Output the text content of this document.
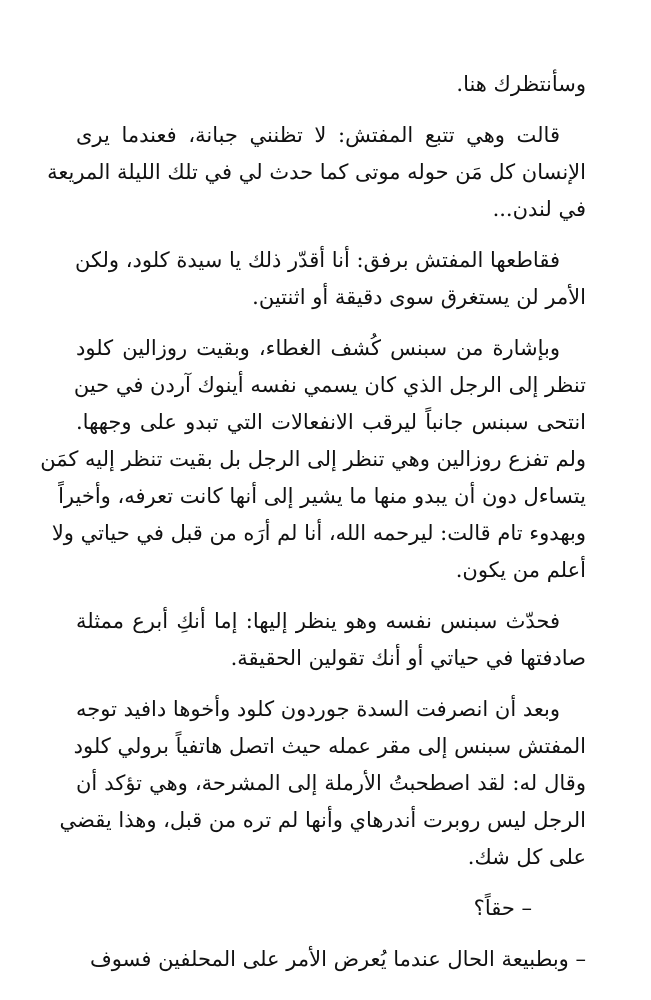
وسأنتظرك هنا.
قالت وهي تتبع المفتش: لا تظنني جبانة، فعندما يرى
الإنسان كل مَن حوله موتى كما حدث لي في تلك الليلة المريعة
في لندن...
فقاطعها المفتش برفق: أنا أقدّر ذلك يا سيدة كلود، ولكن
الأمر لن يستغرق سوى دقيقة أو اثنتين.
وبإشارة من سبنس كُشف الغطاء، وبقيت روزالين كلود
تنظر إلى الرجل الذي كان يسمي نفسه أينوك آردن في حين
انتحى سبنس جانباً ليرقب الانفعالات التي تبدو على وجهها.
ولم تفزع روزالين وهي تنظر إلى الرجل بل بقيت تنظر إليه كمَن
يتساءل دون أن يبدو منها ما يشير إلى أنها كانت تعرفه، وأخيراً
وبهدوء تام قالت: ليرحمه الله، أنا لم أرَه من قبل في حياتي ولا
أعلم من يكون.
فحدّث سبنس نفسه وهو ينظر إليها: إما أنكِ أبرع ممثلة
صادفتها في حياتي أو أنك تقولين الحقيقة.
وبعد أن انصرفت السدة جوردون كلود وأخوها دافيد توجه
المفتش سبنس إلى مقر عمله حيث اتصل هاتفياً برولي كلود
وقال له: لقد اصطحبتُ الأرملة إلى المشرحة، وهي تؤكد أن
الرجل ليس روبرت أندرهاي وأنها لم تره من قبل، وهذا يقضي
على كل شك.
– حقاً؟
– وبطبيعة الحال عندما يُعرض الأمر على المحلفين فسوف
